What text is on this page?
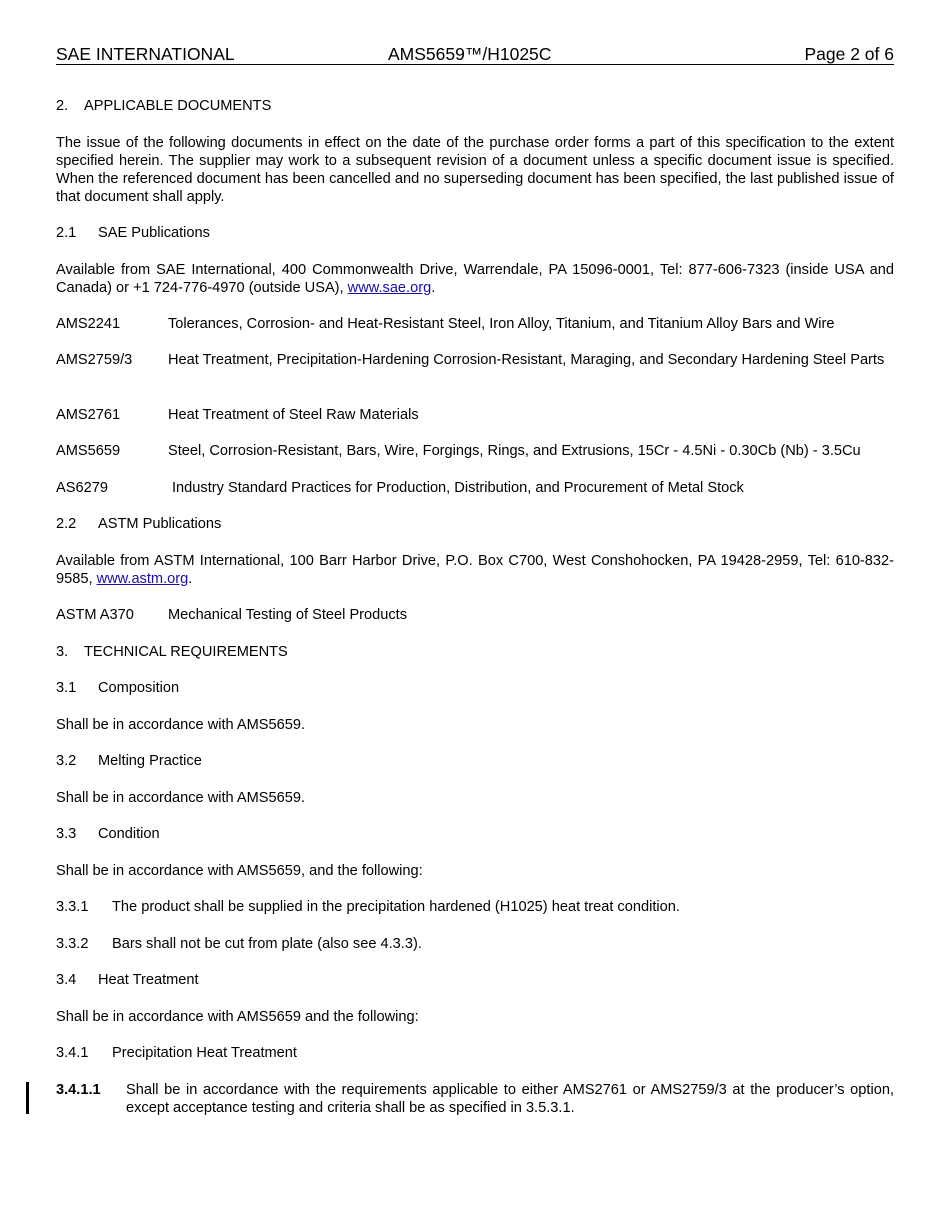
SAE INTERNATIONAL	AMS5659™/H1025C	Page 2 of 6
2. APPLICABLE DOCUMENTS
The issue of the following documents in effect on the date of the purchase order forms a part of this specification to the extent specified herein. The supplier may work to a subsequent revision of a document unless a specific document issue is specified. When the referenced document has been cancelled and no superseding document has been specified, the last published issue of that document shall apply.
2.1 SAE Publications
Available from SAE International, 400 Commonwealth Drive, Warrendale, PA 15096-0001, Tel: 877-606-7323 (inside USA and Canada) or +1 724-776-4970 (outside USA), www.sae.org.
AMS2241	Tolerances, Corrosion- and Heat-Resistant Steel, Iron Alloy, Titanium, and Titanium Alloy Bars and Wire
AMS2759/3 Heat Treatment, Precipitation-Hardening Corrosion-Resistant, Maraging, and Secondary Hardening Steel Parts
AMS2761	Heat Treatment of Steel Raw Materials
AMS5659	Steel, Corrosion-Resistant, Bars, Wire, Forgings, Rings, and Extrusions, 15Cr - 4.5Ni - 0.30Cb (Nb) - 3.5Cu
AS6279	Industry Standard Practices for Production, Distribution, and Procurement of Metal Stock
2.2 ASTM Publications
Available from ASTM International, 100 Barr Harbor Drive, P.O. Box C700, West Conshohocken, PA 19428-2959, Tel: 610-832-9585, www.astm.org.
ASTM A370 Mechanical Testing of Steel Products
3. TECHNICAL REQUIREMENTS
3.1 Composition
Shall be in accordance with AMS5659.
3.2 Melting Practice
Shall be in accordance with AMS5659.
3.3 Condition
Shall be in accordance with AMS5659, and the following:
3.3.1 The product shall be supplied in the precipitation hardened (H1025) heat treat condition.
3.3.2 Bars shall not be cut from plate (also see 4.3.3).
3.4 Heat Treatment
Shall be in accordance with AMS5659 and the following:
3.4.1 Precipitation Heat Treatment
3.4.1.1 Shall be in accordance with the requirements applicable to either AMS2761 or AMS2759/3 at the producer’s option, except acceptance testing and criteria shall be as specified in 3.5.3.1.
